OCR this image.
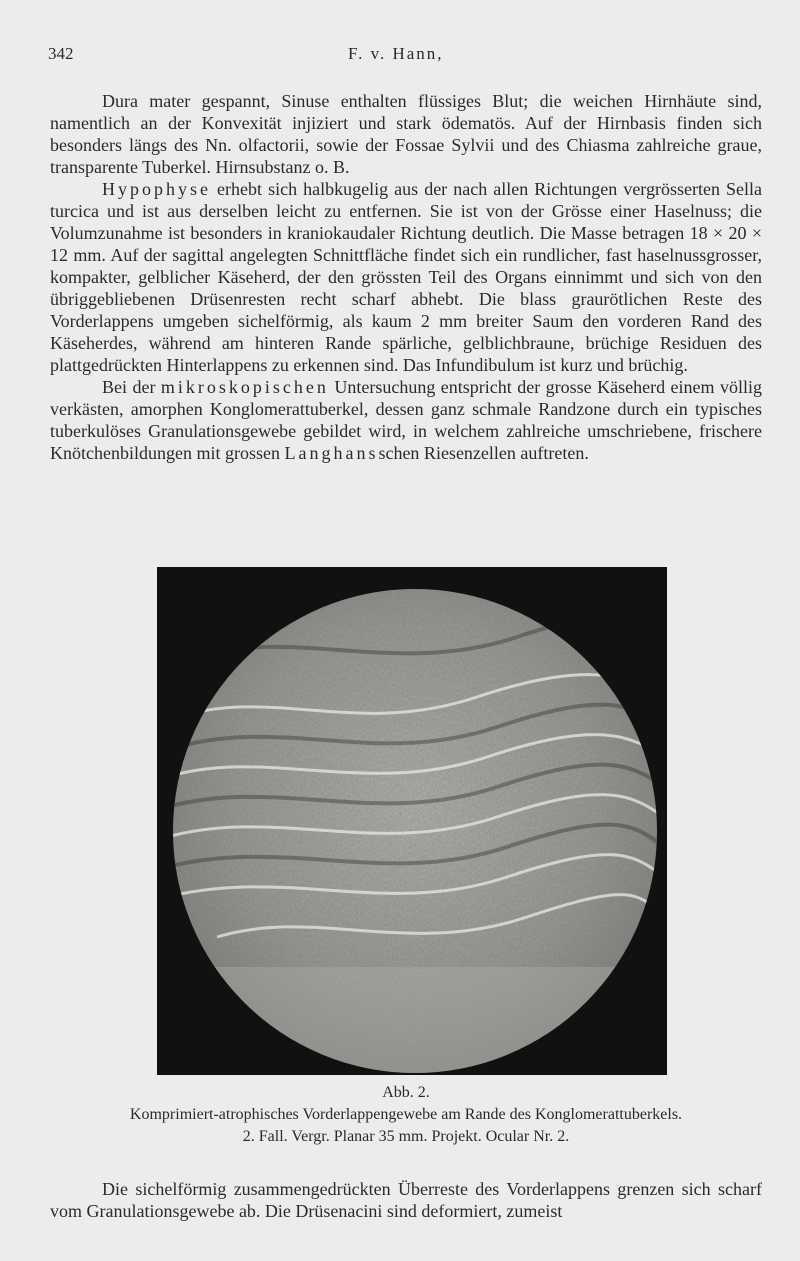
342	F. v. Hann,

Dura mater gespannt, Sinuse enthalten flüssiges Blut; die weichen Hirnhäute sind, namentlich an der Konvexität injiziert und stark ödematös. Auf der Hirnbasis finden sich besonders längs des Nn. olfactorii, sowie der Fossae Sylvii und des Chiasma zahlreiche graue, transparente Tuberkel. Hirnsubstanz o. B.

Hypophyse erhebt sich halbkugelig aus der nach allen Richtungen vergrösserten Sella turcica und ist aus derselben leicht zu entfernen. Sie ist von der Grösse einer Haselnuss; die Volumzunahme ist besonders in kraniokaudaler Richtung deutlich. Die Masse betragen 18 × 20 × 12 mm. Auf der sagittal angelegten Schnittfläche findet sich ein rundlicher, fast haselnussgrosser, kompakter, gelblicher Käseherd, der den grössten Teil des Organs einnimmt und sich von den übriggebliebenen Drüsenresten recht scharf abhebt. Die blass graurötlichen Reste des Vorderlappens umgeben sichelförmig, als kaum 2 mm breiter Saum den vorderen Rand des Käseherdes, während am hinteren Rande spärliche, gelblichbraune, brüchige Residuen des plattgedrückten Hinterlappens zu erkennen sind. Das Infundibulum ist kurz und brüchig.

Bei der mikroskopischen Untersuchung entspricht der grosse Käseherd einem völlig verkästen, amorphen Konglomerattuberkel, dessen ganz schmale Randzone durch ein typisches tuberkulöses Granulationsgewebe gebildet wird, in welchem zahlreiche umschriebene, frischere Knötchenbildungen mit grossen Langhansschen Riesenzellen auftreten.

Abb. 2.
Komprimiert-atrophisches Vorderlappengewebe am Rande des Konglomerattuberkels.
2. Fall. Vergr. Planar 35 mm. Projekt. Ocular Nr. 2.

Die sichelförmig zusammengedrückten Überreste des Vorderlappens grenzen sich scharf vom Granulationsgewebe ab. Die Drüsenacini sind deformiert, zumeist
